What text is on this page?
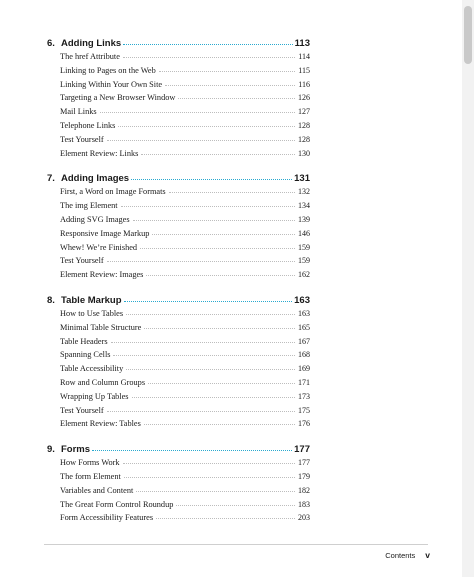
6. Adding Links	113
The href Attribute	114
Linking to Pages on the Web	115
Linking Within Your Own Site	116
Targeting a New Browser Window	126
Mail Links	127
Telephone Links	128
Test Yourself	128
Element Review: Links	130
7. Adding Images	131
First, a Word on Image Formats	132
The img Element	134
Adding SVG Images	139
Responsive Image Markup	146
Whew! We’re Finished	159
Test Yourself	159
Element Review: Images	162
8. Table Markup	163
How to Use Tables	163
Minimal Table Structure	165
Table Headers	167
Spanning Cells	168
Table Accessibility	169
Row and Column Groups	171
Wrapping Up Tables	173
Test Yourself	175
Element Review: Tables	176
9. Forms	177
How Forms Work	177
The form Element	179
Variables and Content	182
The Great Form Control Roundup	183
Form Accessibility Features	203
Contents v
